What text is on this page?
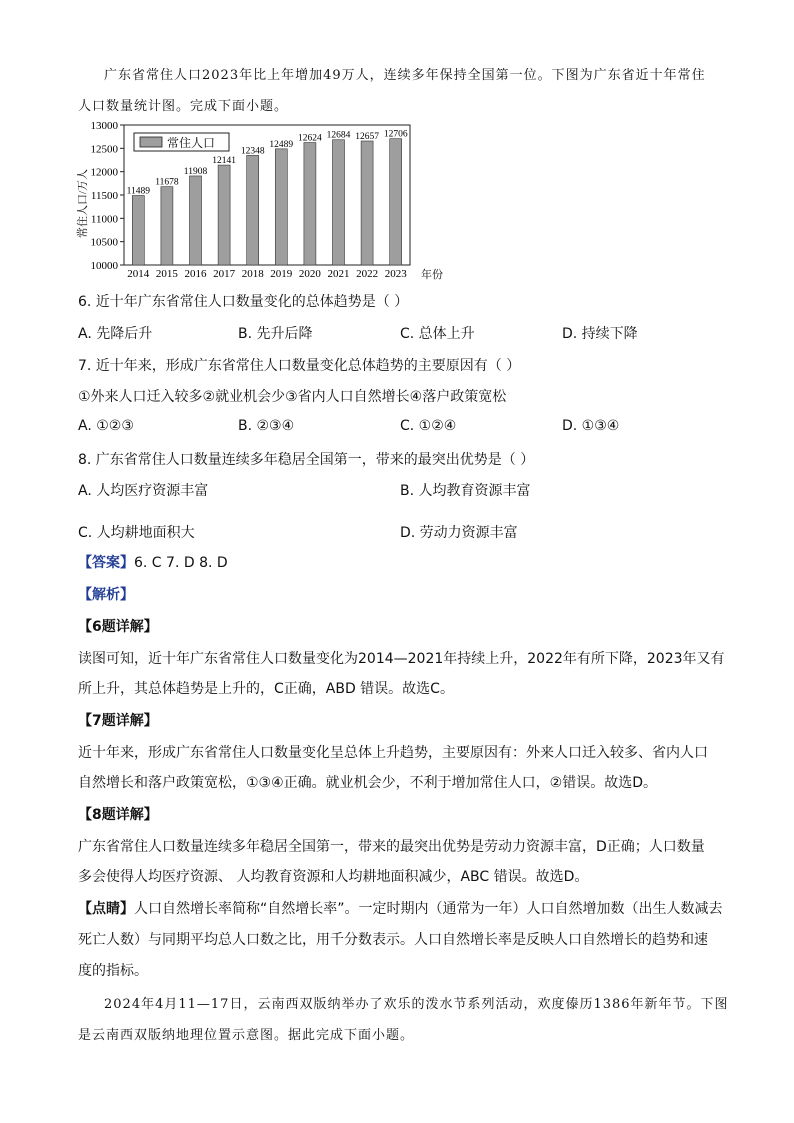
广东省常住人口2023年比上年增加49万人，连续多年保持全国第一位。下图为广东省近十年常住
人口数量统计图。完成下面小题。
13000
12500
12000
11500
11000
10500
10000
11489
11678
11908
12141
12348
12489
12624 12684 12657 12706
2014 2015 2016 2017 2018 2019 2020 2021 2022 2023
常住人口
年份
常住人口/万人
6. 近十年广东省常住人口数量变化的总体趋势是（ ）
A. 先降后升	B. 先升后降	C. 总体上升	D. 持续下降
7. 近十年来，形成广东省常住人口数量变化总体趋势的主要原因有（ ）
①外来人口迁入较多②就业机会少③省内人口自然增长④落户政策宽松
A. ①②③	B. ②③④	C. ①②④	D. ①③④
8. 广东省常住人口数量连续多年稳居全国第一，带来的最突出优势是（ ）
A. 人均医疗资源丰富	B. 人均教育资源丰富
C. 人均耕地面积大	D. 劳动力资源丰富
【答案】6. C 7. D 8. D
【解析】
【6题详解】
读图可知，近十年广东省常住人口数量变化为2014—2021年持续上升，2022年有所下降，2023年又有
所上升，其总体趋势是上升的，C正确，ABD 错误。故选C。
【7题详解】
近十年来，形成广东省常住人口数量变化呈总体上升趋势，主要原因有：外来人口迁入较多、省内人口
自然增长和落户政策宽松，①③④正确。就业机会少，不利于增加常住人口，②错误。故选D。
【8题详解】
广东省常住人口数量连续多年稳居全国第一，带来的最突出优势是劳动力资源丰富，D正确；人口数量
多会使得人均医疗资源、 人均教育资源和人均耕地面积减少，ABC 错误。故选D。
【点睛】人口自然增长率简称“自然增长率”。一定时期内（通常为一年）人口自然增加数（出生人数减去
死亡人数）与同期平均总人口数之比，用千分数表示。人口自然增长率是反映人口自然增长的趋势和速
度的指标。
2024年4月11—17日，云南西双版纳举办了欢乐的泼水节系列活动，欢度傣历1386年新年节。下图
是云南西双版纳地理位置示意图。据此完成下面小题。
